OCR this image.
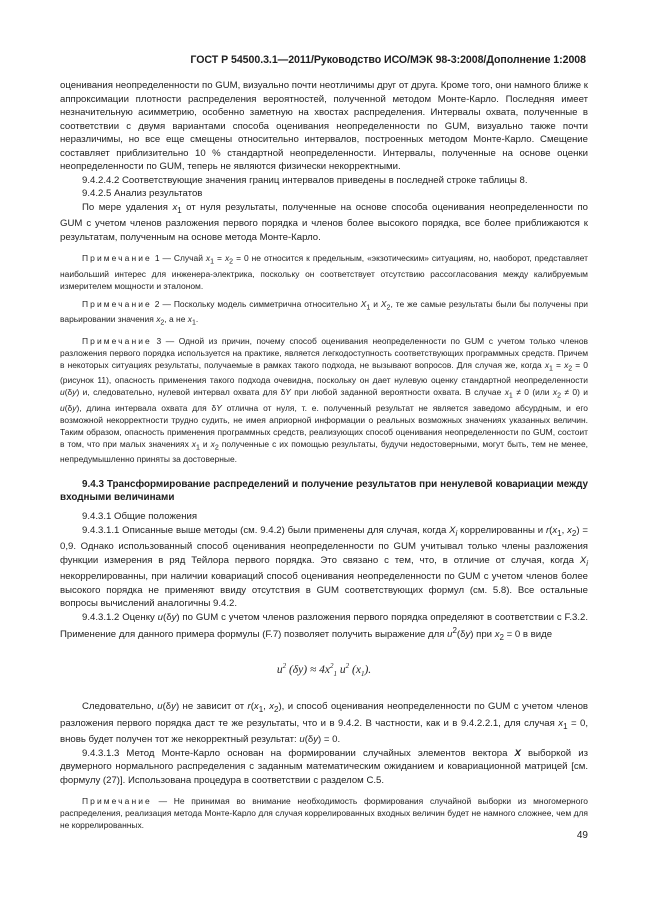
ГОСТ Р 54500.3.1—2011/Руководство ИСО/МЭК 98-3:2008/Дополнение 1:2008

оценивания неопределенности по GUM, визуально почти неотличимы друг от друга. Кроме того, они намного ближе к аппроксимации плотности распределения вероятностей, полученной методом Монте-Карло. Последняя имеет незначительную асимметрию, особенно заметную на хвостах распределения. Интервалы охвата, полученные в соответствии с двумя вариантами способа оценивания неопределенности по GUM, визуально также почти неразличимы, но все еще смещены относительно интервалов, построенных методом Монте-Карло. Смещение составляет приблизительно 10 % стандартной неопределенности. Интервалы, полученные на основе оценки неопределенности по GUM, теперь не являются физически некорректными.

9.4.2.4.2 Соответствующие значения границ интервалов приведены в последней строке таблицы 8.

9.4.2.5 Анализ результатов

По мере удаления $x_1$ от нуля результаты, полученные на основе способа оценивания неопределенности по GUM с учетом членов разложения первого порядка и членов более высокого порядка, все более приближаются к результатам, полученным на основе метода Монте-Карло.

Примечание 1 — Случай $x_1 = x_2 = 0$ не относится к предельным, «экзотическим» ситуациям, но, наоборот, представляет наибольший интерес для инженера-электрика, поскольку он соответствует отсутствию рассогласования между калибруемым измерителем мощности и эталоном.

Примечание 2 — Поскольку модель симметрична относительно $X_1$ и $X_2$, те же самые результаты были бы получены при варьировании значения $x_2$, а не $x_1$.

Примечание 3 — Одной из причин, почему способ оценивания неопределенности по GUM с учетом только членов разложения первого порядка используется на практике, является легкодоступность соответствующих программных средств. Причем в некоторых ситуациях результаты, получаемые в рамках такого подхода, не вызывают вопросов. Для случая же, когда $x_1 = x_2 = 0$ (рисунок 11), опасность применения такого подхода очевидна, поскольку он дает нулевую оценку стандартной неопределенности u(δy) и, следовательно, нулевой интервал охвата для δY при любой заданной вероятности охвата. В случае $x_1 \ne 0$ (или $x_2 \ne 0$) и u(δy), длина интервала охвата для δY отлична от нуля, т. е. полученный результат не является заведомо абсурдным, и его возможной некорректности трудно судить, не имея априорной информации о реальных возможных значениях указанных величин. Таким образом, опасность применения программных средств, реализующих способ оценивания неопределенности по GUM, состоит в том, что при малых значениях $x_1$ и $x_2$ полученные с их помощью результаты, будучи недостоверными, могут быть, тем не менее, непредумышленно приняты за достоверные.

9.4.3 Трансформирование распределений и получение результатов при ненулевой ковариации между входными величинами

9.4.3.1 Общие положения

9.4.3.1.1 Описанные выше методы (см. 9.4.2) были применены для случая, когда $X_i$ коррелированны и $r(x_1$, $x_2) = 0,9$. Однако использованный способ оценивания неопределенности по GUM учитывал только члены разложения функции измерения в ряд Тейлора первого порядка. Это связано с тем, что, в отличие от случая, когда $X_i$ некоррелированны, при наличии ковариаций способ оценивания неопределенности по GUM с учетом членов более высокого порядка не применяют ввиду отсутствия в GUM соответствующих формул (см. 5.8). Все остальные вопросы вычислений аналогичны 9.4.2.

9.4.3.1.2 Оценку u(δy) по GUM с учетом членов разложения первого порядка определяют в соответствии с F.3.2. Применение для данного примера формулы (F.7) позволяет получить выражение для $u^2(\delta y)$ при $x_2 = 0$ в виде

$u^2$ $(\delta y) \approx 4x^2_1$ $u^2$ $(x_1)$.

Следовательно, u(δy) не зависит от $r(x_1$, $x_2$), и способ оценивания неопределенности по GUM с учетом членов разложения первого порядка даст те же результаты, что и в 9.4.2. В частности, как и в 9.4.2.2.1, для случая $x_1 = 0$, вновь будет получен тот же некорректный результат: u(δy) = 0.

9.4.3.1.3 Метод Монте-Карло основан на формировании случайных элементов вектора X выборкой из двумерного нормального распределения с заданным математическим ожиданием и ковариационной матрицей [см. формулу (27)]. Использована процедура в соответствии с разделом С.5.

Примечание — Не принимая во внимание необходимость формирования случайной выборки из многомерного распределения, реализация метода Монте-Карло для случая коррелированных входных величин будет не намного сложнее, чем для не коррелированных.

49
